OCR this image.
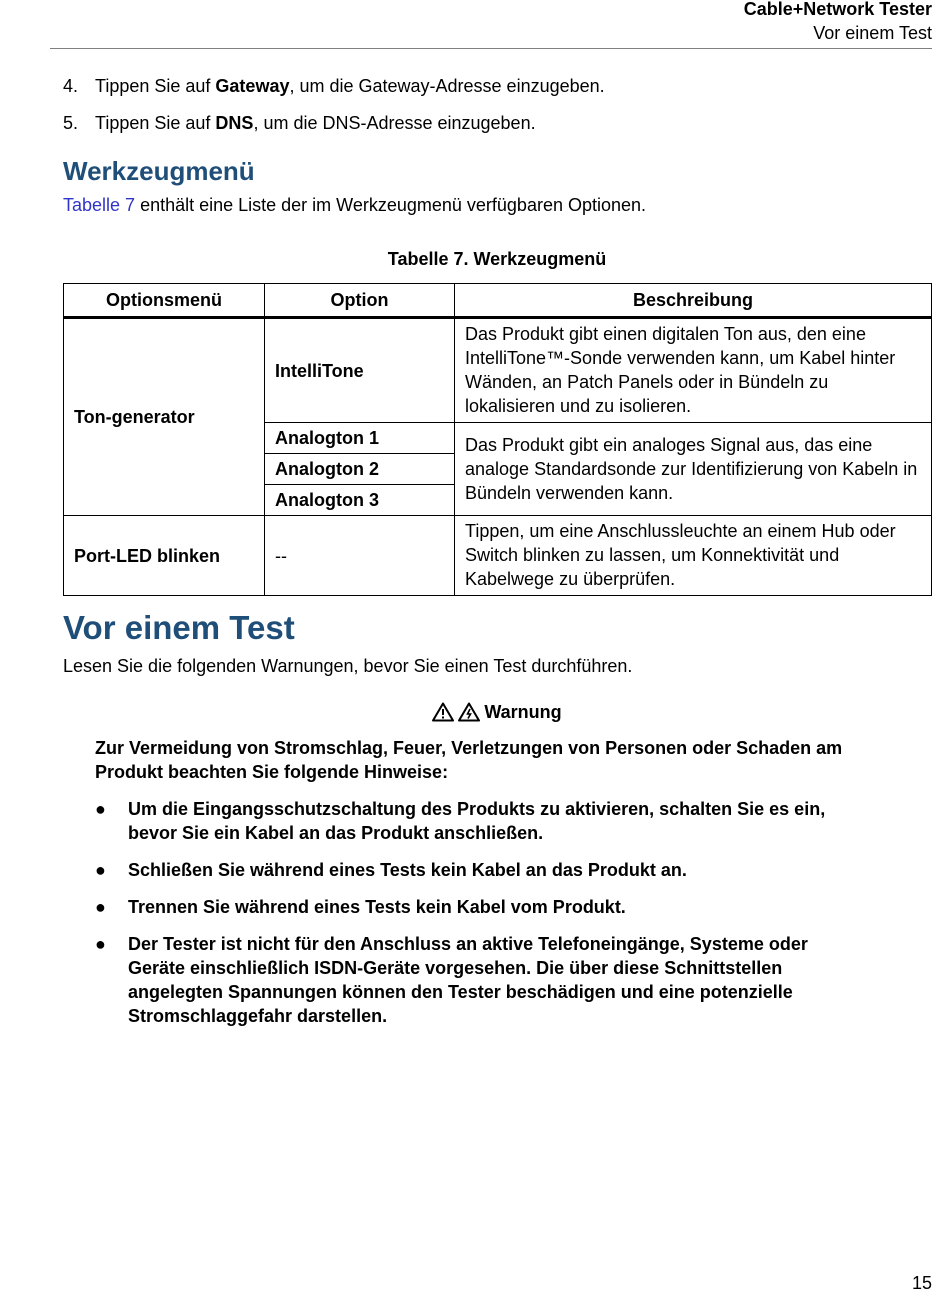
Cable+Network Tester
Vor einem Test
4. Tippen Sie auf Gateway, um die Gateway-Adresse einzugeben.
5. Tippen Sie auf DNS, um die DNS-Adresse einzugeben.
Werkzeugmenü

Tabelle 7 enthält eine Liste der im Werkzeugmenü verfügbaren Optionen.

Tabelle 7. Werkzeugmenü
Optionsmenü	Option	Beschreibung
Ton-generator	IntelliTone	Das Produkt gibt einen digitalen Ton aus, den eine IntelliTone™-Sonde verwenden kann, um Kabel hinter Wänden, an Patch Panels oder in Bündeln zu lokalisieren und zu isolieren.
	Analogton 1	Das Produkt gibt ein analoges Signal aus, das eine analoge Standardsonde zur Identifizierung von Kabeln in Bündeln verwenden kann.
	Analogton 2	
	Analogton 3	
Port-LED blinken	--	Tippen, um eine Anschlussleuchte an einem Hub oder Switch blinken zu lassen, um Konnektivität und Kabelwege zu überprüfen.
Vor einem Test

Lesen Sie die folgenden Warnungen, bevor Sie einen Test durchführen.

Warnung

Zur Vermeidung von Stromschlag, Feuer, Verletzungen von Personen oder Schaden am Produkt beachten Sie folgende Hinweise:

●	Um die Eingangsschutzschaltung des Produkts zu aktivieren, schalten Sie es ein, bevor Sie ein Kabel an das Produkt anschließen.
●	Schließen Sie während eines Tests kein Kabel an das Produkt an.
●	Trennen Sie während eines Tests kein Kabel vom Produkt.
●	Der Tester ist nicht für den Anschluss an aktive Telefoneingänge, Systeme oder Geräte einschließlich ISDN-Geräte vorgesehen. Die über diese Schnittstellen angelegten Spannungen können den Tester beschädigen und eine potenzielle Stromschlaggefahr darstellen.
15
